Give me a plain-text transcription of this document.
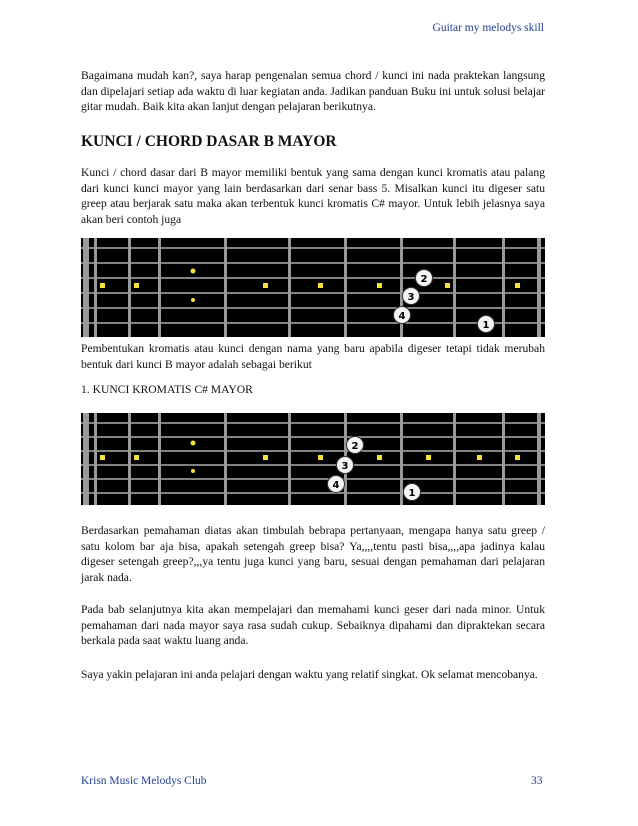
Guitar my melodys skill

Bagaimana mudah kan?, saya harap pengenalan semua chord / kunci ini nada praktekan langsung dan dipelajari setiap ada waktu di luar kegiatan anda. Jadikan panduan Buku ini untuk solusi belajar gitar mudah. Baik kita akan lanjut dengan pelajaran berikutnya.

KUNCI / CHORD DASAR B MAYOR

Kunci / chord dasar dari B mayor memiliki bentuk yang sama dengan kunci kromatis atau palang dari kunci kunci mayor yang lain berdasarkan dari senar bass 5. Misalkan kunci itu digeser satu greep atau berjarak satu maka akan terbentuk kunci kromatis C# mayor. Untuk lebih jelasnya saya akan beri contoh juga

2
3
4
1

Pembentukan kromatis atau kunci dengan nama yang baru apabila digeser tetapi tidak merubah bentuk dari kunci B mayor adalah sebagai berikut

1. KUNCI KROMATIS C# MAYOR
2
3
4
1

Berdasarkan pemahaman diatas akan timbulah bebrapa pertanyaan, mengapa hanya satu greep / satu kolom bar aja bisa, apakah setengah greep bisa? Ya,,,,tentu pasti bisa,,,,apa jadinya kalau digeser setengah greep?,,,ya tentu juga kunci yang baru, sesuai dengan pemahaman dari pelajaran jarak nada.

Pada bab selanjutnya kita akan mempelajari dan memahami kunci geser dari nada minor. Untuk pemahaman dari nada mayor saya rasa sudah cukup. Sebaiknya dipahami dan dipraktekan secara berkala pada saat waktu luang anda.

Saya yakin pelajaran ini anda pelajari dengan waktu yang relatif singkat. Ok selamat mencobanya.

Krisn Music Melodys Club	33
